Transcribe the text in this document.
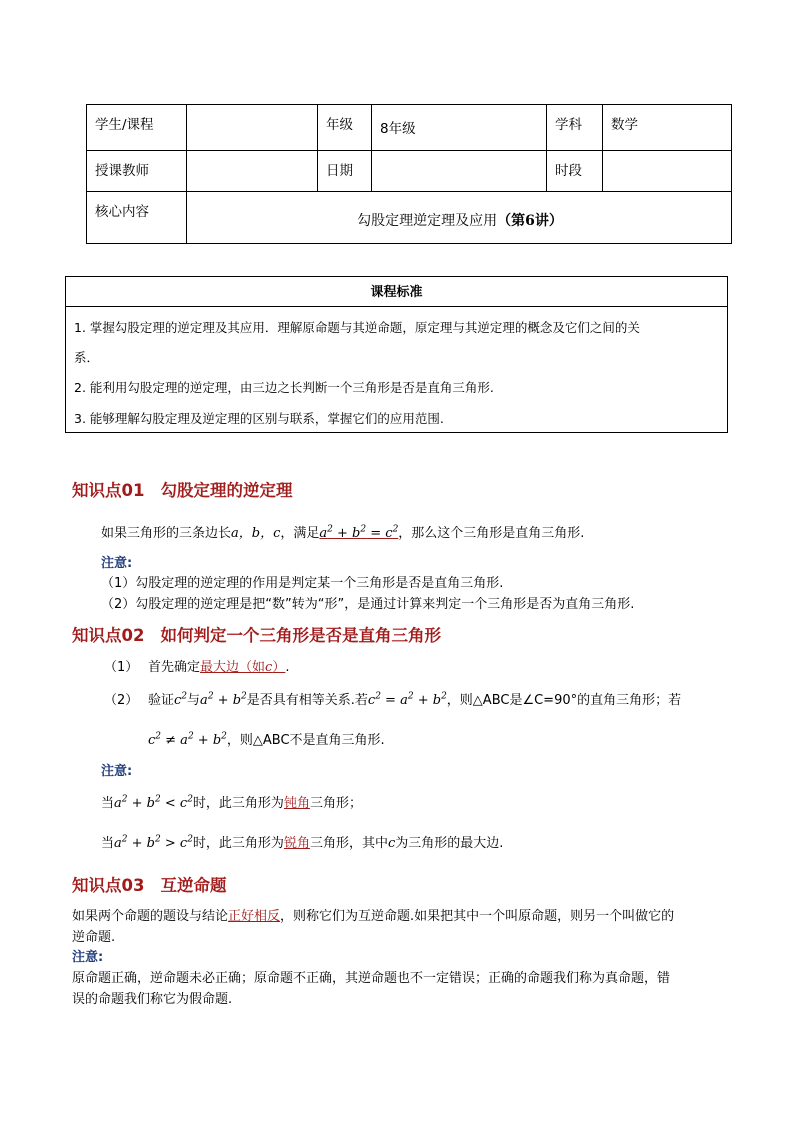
学生/课程		年级	8年级	学科	数学
授课教师		日期		时段	
核心内容	勾股定理逆定理及应用（第6讲）				
课程标准
1. 掌握勾股定理的逆定理及其应用．理解原命题与其逆命题，原定理与其逆定理的概念及它们之间的关
系．
2. 能利用勾股定理的逆定理，由三边之长判断一个三角形是否是直角三角形.
3. 能够理解勾股定理及逆定理的区别与联系，掌握它们的应用范围.
知识点01 勾股定理的逆定理
如果三角形的三条边长a，b，c，满足$a^2 + b^2 = c^2$，那么这个三角形是直角三角形.
注意:
（1）勾股定理的逆定理的作用是判定某一个三角形是否是直角三角形.
（2）勾股定理的逆定理是把“数”转为“形”，是通过计算来判定一个三角形是否为直角三角形.
知识点02 如何判定一个三角形是否是直角三角形
（1） 首先确定最大边（如c）.
（2） 验证$c^2$与$a^2 + b^2$是否具有相等关系.若$c^2 = a^2 + b^2$，则△ABC是∠C=90°的直角三角形；若
$c^2 \ne a^2 + b^2$，则△ABC不是直角三角形.
注意:
当$a^2 + b^2 < c^2$时，此三角形为钝角三角形；
当$a^2 + b^2 > c^2$时，此三角形为锐角三角形，其中c为三角形的最大边.
知识点03 互逆命题
如果两个命题的题设与结论正好相反，则称它们为互逆命题.如果把其中一个叫原命题，则另一个叫做它的
逆命题.
注意:
原命题正确，逆命题未必正确；原命题不正确，其逆命题也不一定错误；正确的命题我们称为真命题，错
误的命题我们称它为假命题.
